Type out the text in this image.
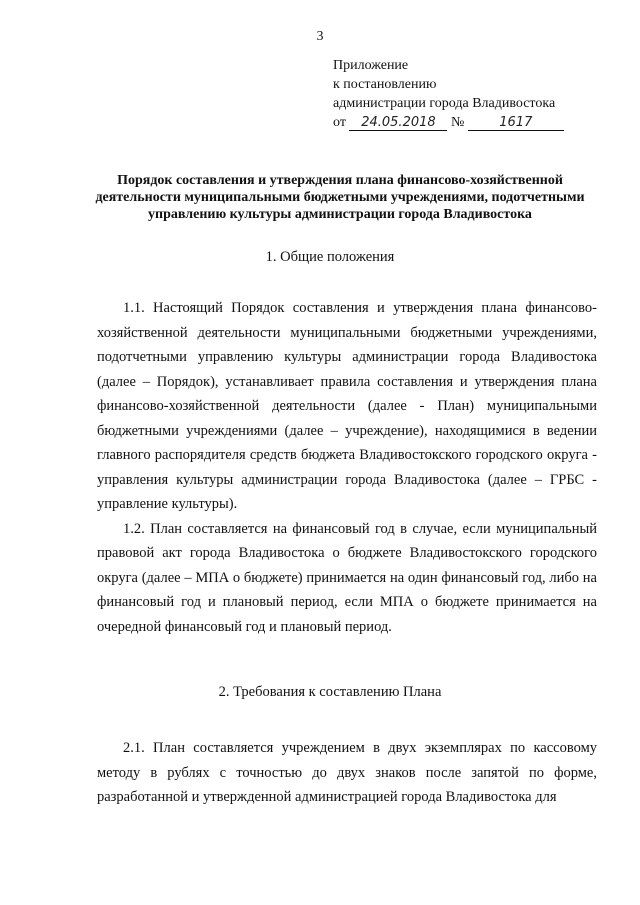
3
Приложение
к постановлению
администрации города Владивостока
от 24.05.2018 №	1617
Порядок составления и утверждения плана финансово-хозяйственной
деятельности муниципальными бюджетными учреждениями, подотчетными
управлению культуры администрации города Владивостока
1. Общие положения

1.1. Настоящий Порядок составления и утверждения плана финансово-хозяйственной деятельности муниципальными бюджетными учреждениями, подотчетными управлению культуры администрации города Владивостока (далее – Порядок), устанавливает правила составления и утверждения плана финансово-хозяйственной деятельности (далее - План) муниципальными бюджетными учреждениями (далее – учреждение), находящимися в ведении главного распорядителя средств бюджета Владивостокского городского округа - управления культуры администрации города Владивостока (далее – ГРБС - управление культуры).

1.2. План составляется на финансовый год в случае, если муниципальный правовой акт города Владивостока о бюджете Владивостокского городского округа (далее – МПА о бюджете) принимается на один финансовый год, либо на финансовый год и плановый период, если МПА о бюджете принимается на очередной финансовый год и плановый период.

2. Требования к составлению Плана

2.1. План составляется учреждением в двух экземплярах по кассовому методу в рублях с точностью до двух знаков после запятой по форме, разработанной и утвержденной администрацией города Владивостока для
